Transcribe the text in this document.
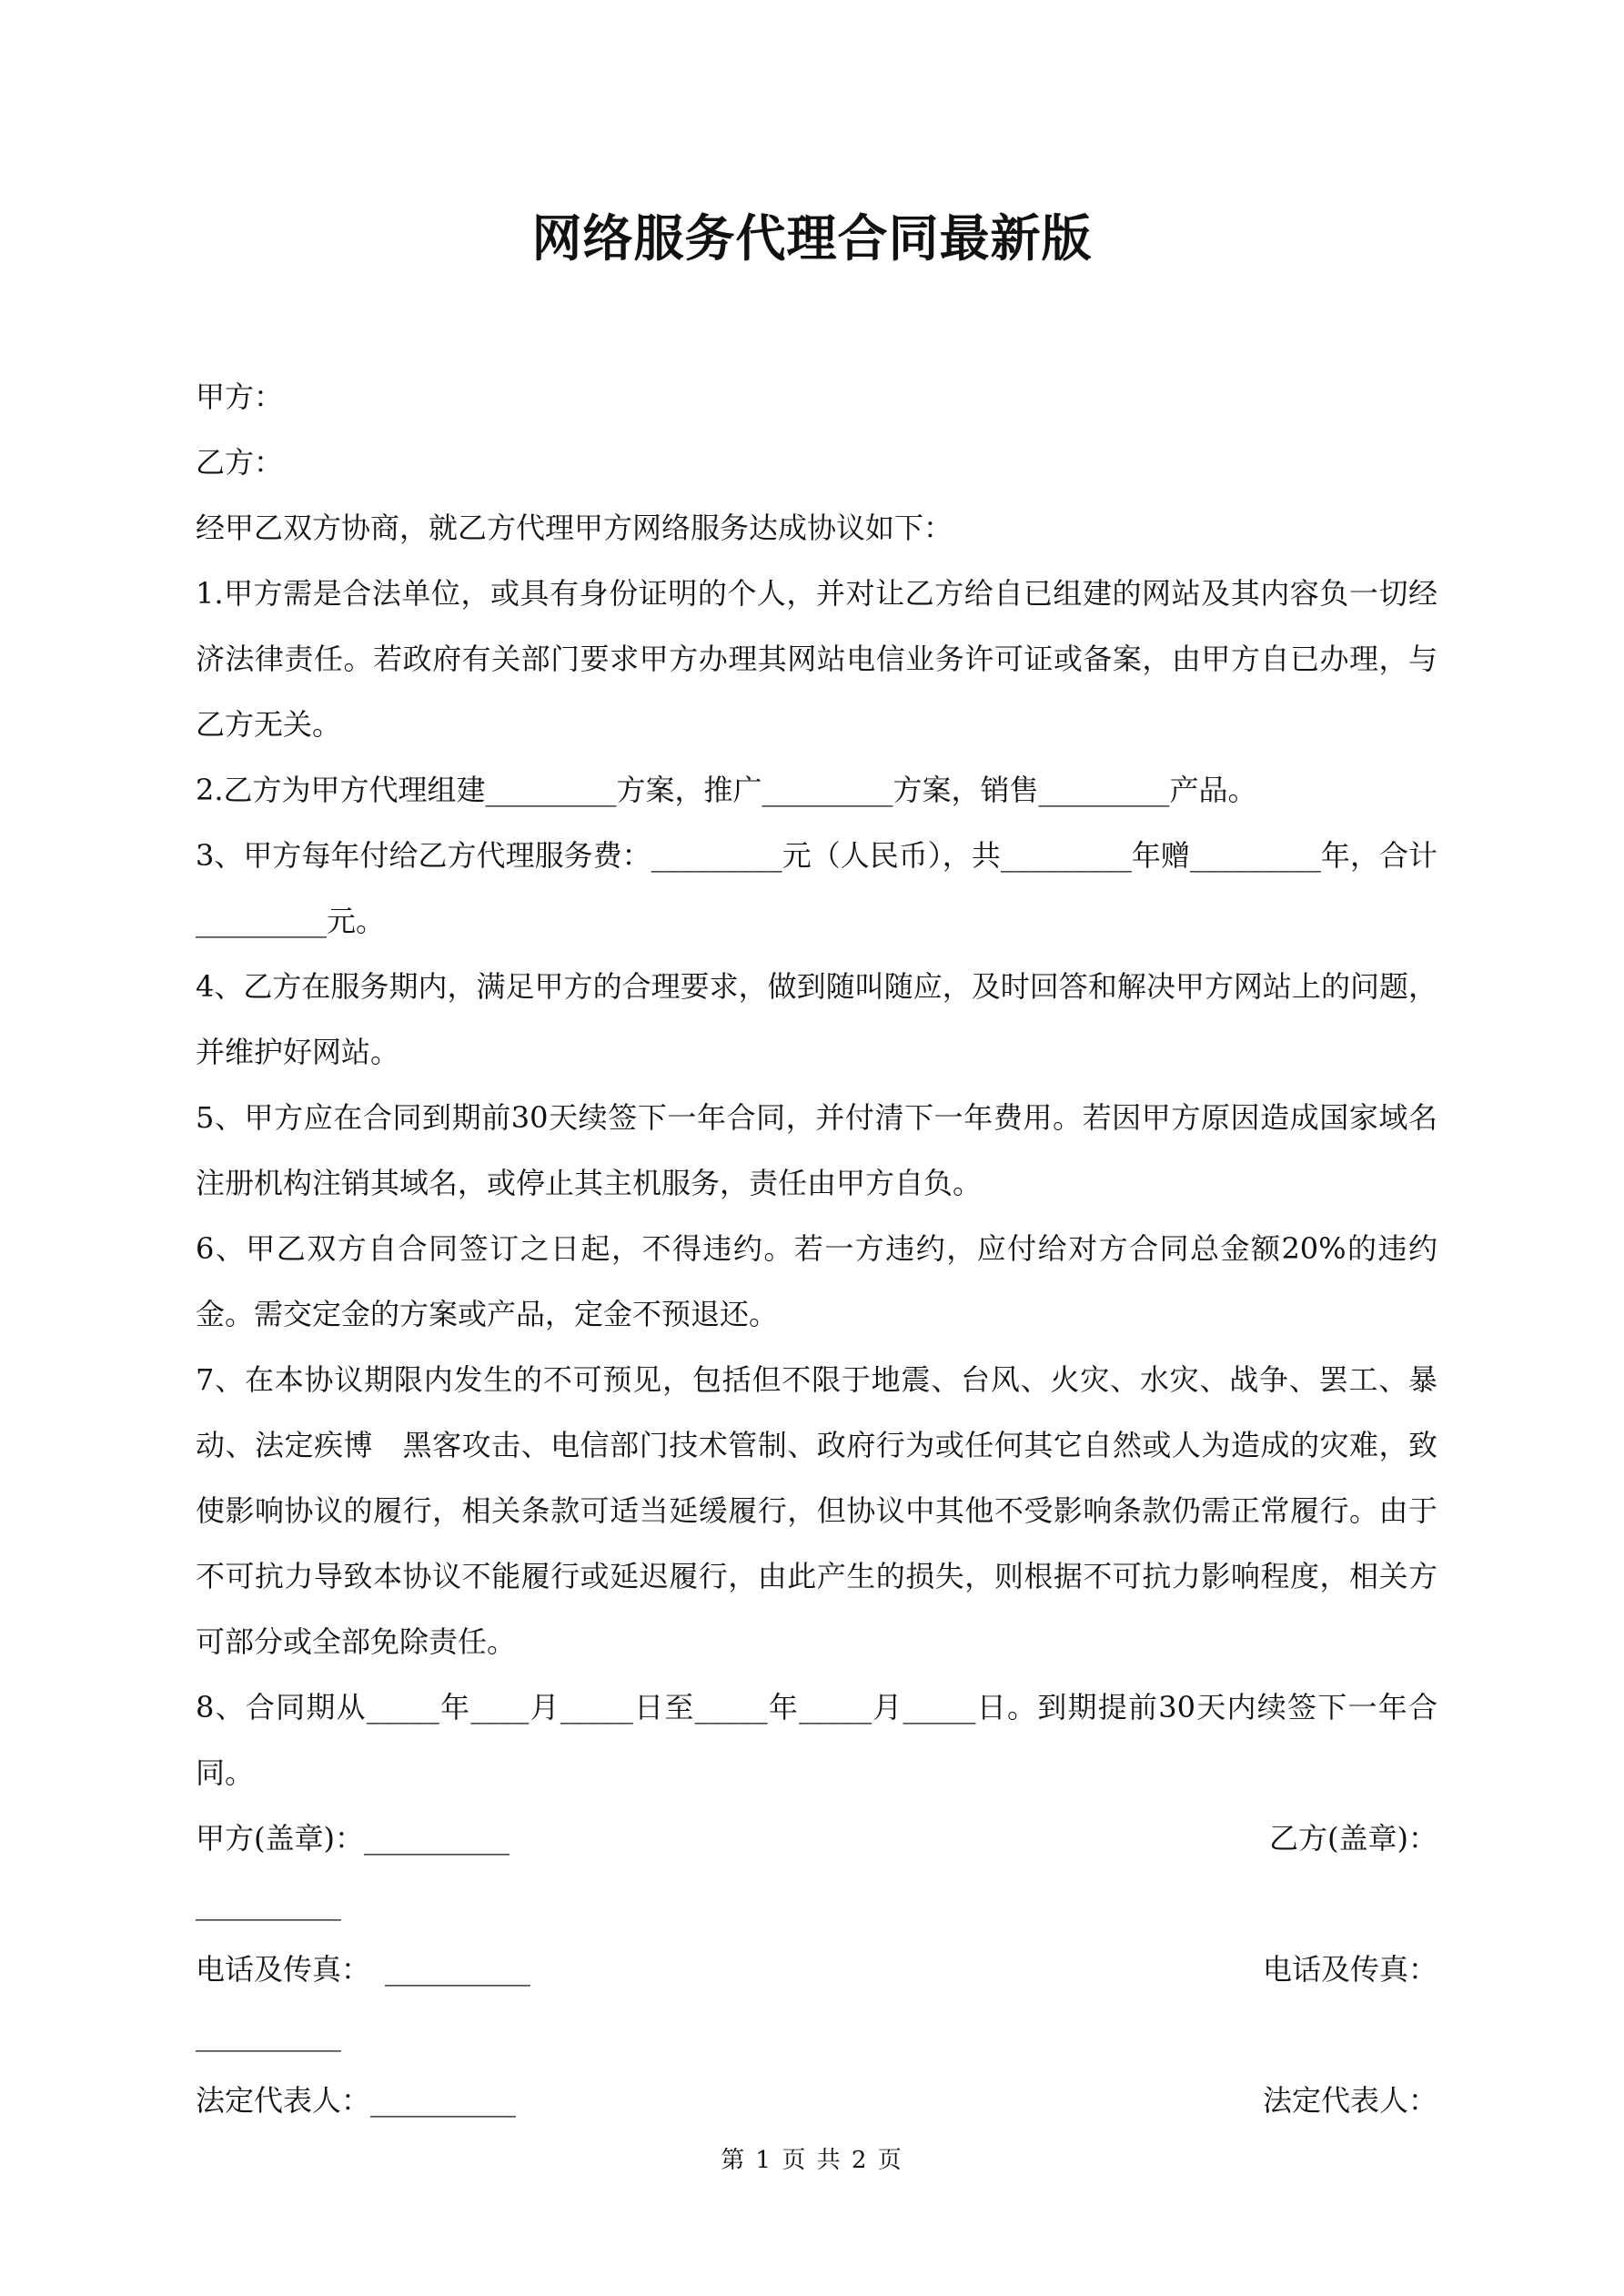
网络服务代理合同最新版

甲方：

乙方：

经甲乙双方协商，就乙方代理甲方网络服务达成协议如下：

1.甲方需是合法单位，或具有身份证明的个人，并对让乙方给自已组建的网站及其内容负一切经济法律责任。若政府有关部门要求甲方办理其网站电信业务许可证或备案，由甲方自已办理，与乙方无关。

2.乙方为甲方代理组建_________方案，推广_________方案，销售_________产品。

3、甲方每年付给乙方代理服务费：_________元（人民币），共_________年赠_________年，合计_________元。

4、乙方在服务期内，满足甲方的合理要求，做到随叫随应，及时回答和解决甲方网站上的问题，并维护好网站。

5、甲方应在合同到期前30天续签下一年合同，并付清下一年费用。若因甲方原因造成国家域名注册机构注销其域名，或停止其主机服务，责任由甲方自负。

6、甲乙双方自合同签订之日起，不得违约。若一方违约，应付给对方合同总金额20%的违约金。需交定金的方案或产品，定金不预退还。

7、在本协议期限内发生的不可预见，包括但不限于地震、台风、火灾、水灾、战争、罢工、暴动、法定疾博　黑客攻击、电信部门技术管制、政府行为或任何其它自然或人为造成的灾难，致使影响协议的履行，相关条款可适当延缓履行，但协议中其他不受影响条款仍需正常履行。由于不可抗力导致本协议不能履行或延迟履行，由此产生的损失，则根据不可抗力影响程度，相关方可部分或全部免除责任。

8、合同期从_____年____月_____日至_____年_____月_____日。到期提前30天内续签下一年合同。

甲方(盖章)：__________	乙方(盖章)：
__________
电话及传真：　__________	电话及传真：
__________
法定代表人：__________	法定代表人：
第 1 页 共 2 页
